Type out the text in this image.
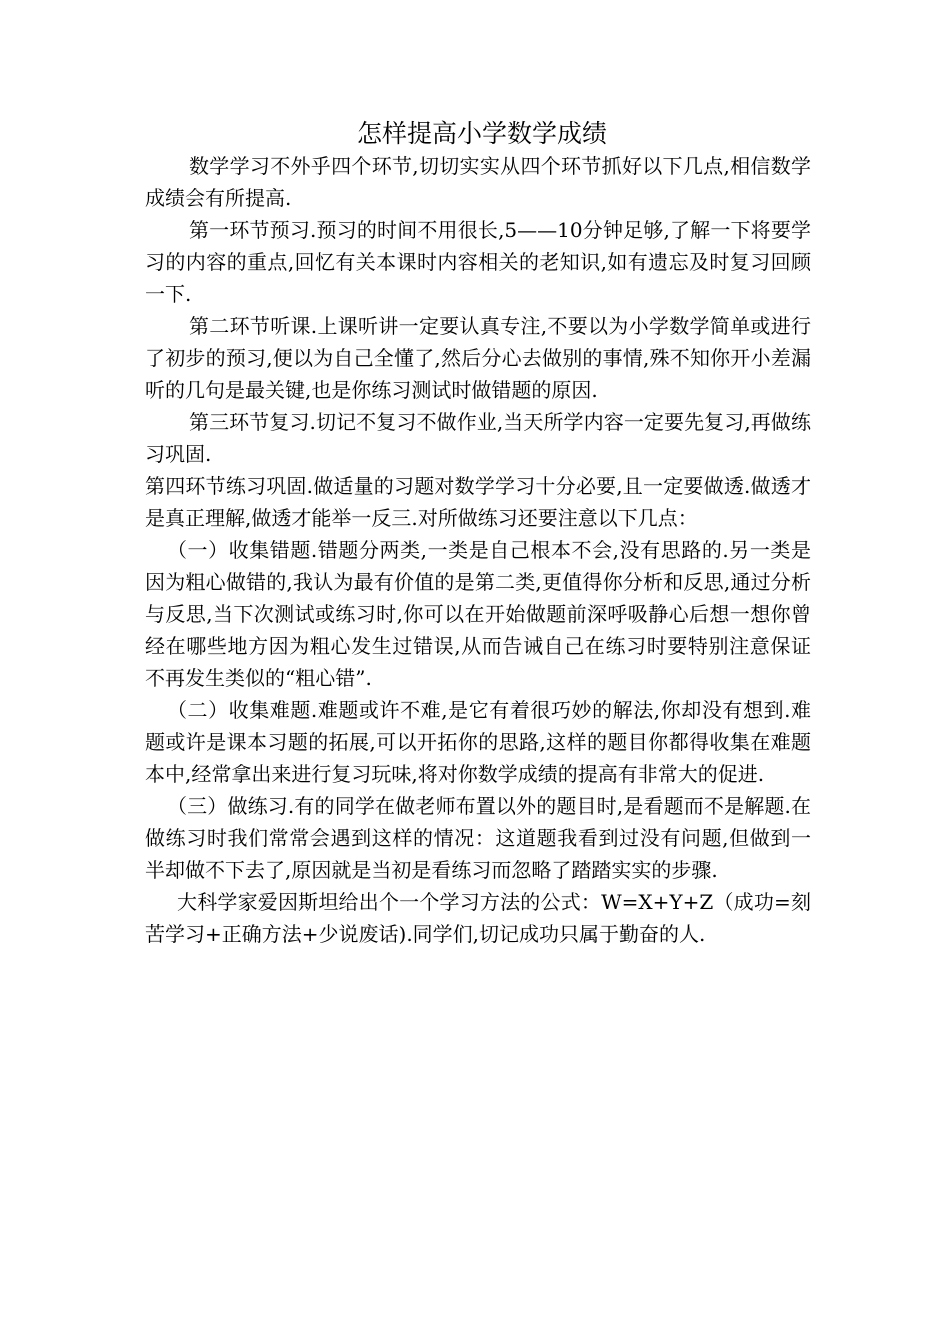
怎样提高小学数学成绩

数学学习不外乎四个环节,切切实实从四个环节抓好以下几点,相信数学成绩会有所提高.

第一环节预习.预习的时间不用很长,5——10分钟足够,了解一下将要学习的内容的重点,回忆有关本课时内容相关的老知识,如有遗忘及时复习回顾一下.

第二环节听课.上课听讲一定要认真专注,不要以为小学数学简单或进行了初步的预习,便以为自己全懂了,然后分心去做别的事情,殊不知你开小差漏听的几句是最关键,也是你练习测试时做错题的原因.

第三环节复习.切记不复习不做作业,当天所学内容一定要先复习,再做练习巩固.

第四环节练习巩固.做适量的习题对数学学习十分必要,且一定要做透.做透才是真正理解,做透才能举一反三.对所做练习还要注意以下几点：

（一）收集错题.错题分两类,一类是自己根本不会,没有思路的.另一类是因为粗心做错的,我认为最有价值的是第二类,更值得你分析和反思,通过分析与反思,当下次测试或练习时,你可以在开始做题前深呼吸静心后想一想你曾经在哪些地方因为粗心发生过错误,从而告诫自己在练习时要特别注意保证不再发生类似的“粗心错”.

（二）收集难题.难题或许不难,是它有着很巧妙的解法,你却没有想到.难题或许是课本习题的拓展,可以开拓你的思路,这样的题目你都得收集在难题本中,经常拿出来进行复习玩味,将对你数学成绩的提高有非常大的促进.

（三）做练习.有的同学在做老师布置以外的题目时,是看题而不是解题.在做练习时我们常常会遇到这样的情况：这道题我看到过没有问题,但做到一半却做不下去了,原因就是当初是看练习而忽略了踏踏实实的步骤.

大科学家爱因斯坦给出个一个学习方法的公式：W=X+Y+Z（成功=刻苦学习+正确方法+少说废话).同学们,切记成功只属于勤奋的人.
